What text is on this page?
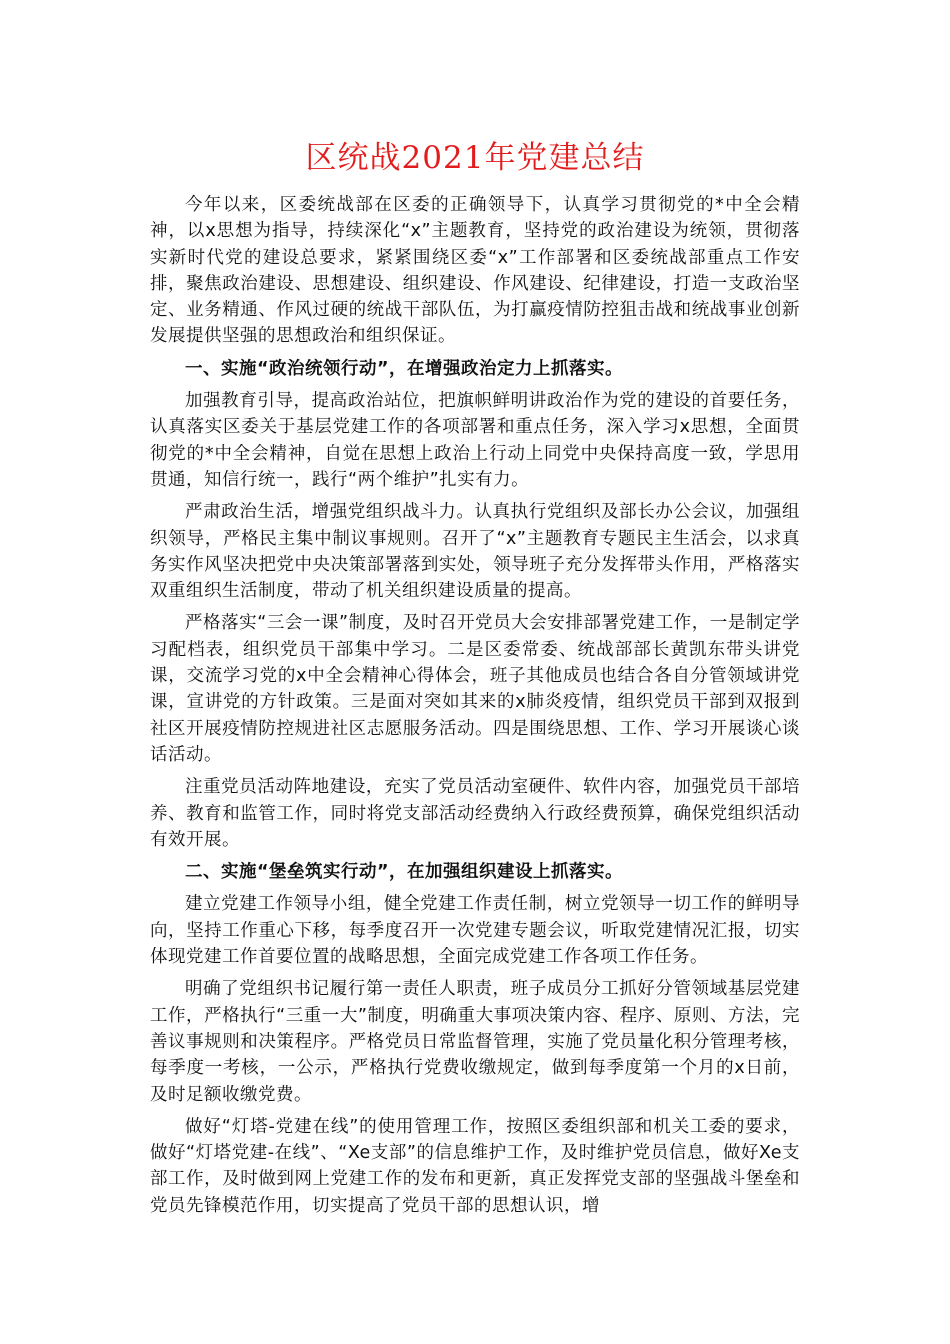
区统战2021年党建总结

今年以来，区委统战部在区委的正确领导下，认真学习贯彻党的*中全会精神，以x思想为指导，持续深化“x”主题教育，坚持党的政治建设为统领，贯彻落实新时代党的建设总要求，紧紧围绕区委“x”工作部署和区委统战部重点工作安排，聚焦政治建设、思想建设、组织建设、作风建设、纪律建设，打造一支政治坚定、业务精通、作风过硬的统战干部队伍，为打赢疫情防控狙击战和统战事业创新发展提供坚强的思想政治和组织保证。

一、实施“政治统领行动”，在增强政治定力上抓落实。

加强教育引导，提高政治站位，把旗帜鲜明讲政治作为党的建设的首要任务，认真落实区委关于基层党建工作的各项部署和重点任务，深入学习x思想，全面贯彻党的*中全会精神，自觉在思想上政治上行动上同党中央保持高度一致，学思用贯通，知信行统一，践行“两个维护”扎实有力。

严肃政治生活，增强党组织战斗力。认真执行党组织及部长办公会议，加强组织领导，严格民主集中制议事规则。召开了“x”主题教育专题民主生活会，以求真务实作风坚决把党中央决策部署落到实处，领导班子充分发挥带头作用，严格落实双重组织生活制度，带动了机关组织建设质量的提高。

严格落实“三会一课”制度，及时召开党员大会安排部署党建工作，一是制定学习配档表，组织党员干部集中学习。二是区委常委、统战部部长黄凯东带头讲党课，交流学习党的x中全会精神心得体会，班子其他成员也结合各自分管领域讲党课，宣讲党的方针政策。三是面对突如其来的x肺炎疫情，组织党员干部到双报到社区开展疫情防控规进社区志愿服务活动。四是围绕思想、工作、学习开展谈心谈话活动。

注重党员活动阵地建设，充实了党员活动室硬件、软件内容，加强党员干部培养、教育和监管工作，同时将党支部活动经费纳入行政经费预算，确保党组织活动有效开展。

二、实施“堡垒筑实行动”，在加强组织建设上抓落实。

建立党建工作领导小组，健全党建工作责任制，树立党领导一切工作的鲜明导向，坚持工作重心下移，每季度召开一次党建专题会议，听取党建情况汇报，切实体现党建工作首要位置的战略思想，全面完成党建工作各项工作任务。

明确了党组织书记履行第一责任人职责，班子成员分工抓好分管领域基层党建工作，严格执行“三重一大”制度，明确重大事项决策内容、程序、原则、方法，完善议事规则和决策程序。严格党员日常监督管理，实施了党员量化积分管理考核，每季度一考核，一公示，严格执行党费收缴规定，做到每季度第一个月的x日前，及时足额收缴党费。

做好“灯塔-党建在线”的使用管理工作，按照区委组织部和机关工委的要求，做好“灯塔党建-在线”、“Xe支部”的信息维护工作，及时维护党员信息，做好Xe支部工作，及时做到网上党建工作的发布和更新，真正发挥党支部的坚强战斗堡垒和党员先锋模范作用，切实提高了党员干部的思想认识，增
